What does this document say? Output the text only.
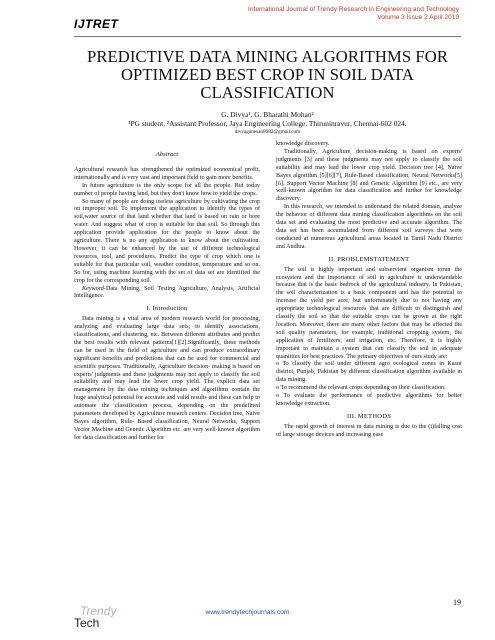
International Journal of Trendy Research in Engineering and Technology
Volume 3 Issue 2 April 2019
IJTRET
PREDICTIVE DATA MINING ALGORITHMS FOR
OPTIMIZED BEST CROP IN SOIL DATA
CLASSIFICATION
G. Divya¹, G. Bharathi Mohan²
¹PG student, ²Assistant Professor, Jaya Engineering College, Thiruninravur, Chennai-602 024.
divyaganesan8682@gmail.com
Abstract

Agricultural research has strengthened the optimized economical profit, internationally and is very vast and important field to gain more benefits.

In future agriculture is the only scope for all the people. But today number of people having land, but they don't know how to yield the crops.

So many of people are doing useless agriculture by cultivating the crop on improper soil. To implement the application to identify the types of soil,water source of that land whether that land is based on rain or bore water. And suggest what of crop is suitable for that soil. So through this application provide application for the people to know about the agriculture. There is no any application to know about the cultivation. However, it can be enhanced by the use of different technological resources, tool, and procedures. Predict the type of crop which one is suitable for that particular soil, weather condition, temperature and so on. So for, using machine learning with the set of data set are identified the crop for the corresponding soil.

Keyword-Data Mining, Soil Testing Agriculture, Analysis, Artificial Intelligence.

I. Introduction

Data mining is a vital area of modern research world for processing, analyzing and evaluating large data sets; to identify associations, classifications, and clustering, etc. Between different attributes and predict the best results with relevant patterns[1][2].Significantly, these methods can be used in the field of agriculture and can produce extraordinary significant benefits and predictions that can be used for commercial and scientific purposes. Traditionally, Agriculture decision- making is based on experts' judgments and these judgments may not apply to classify the soil suitability and may lead the lower crop yield. The explicit data set management by the data mining techniques and algorithms contain the huge analytical potential for accurate and valid results and these can help to automate the classification process, depending on the predefined parameters developed by Agriculture research centers. Decision tree, Naive Bayes algorithm, Rule- Based classification, Neural Networks, Support Vector Machine and Genetic Algorithm etc. are very well-known algorithm for data classification and further for

knowledge discovery.

Traditionally, Agriculture decision-making is based on experts' judgments [3] and these judgments may not apply to classify the soil suitability and may lead the lower crop yield. Decision tree [4], Naïve Bayes algorithm [5][6][7], Rule-Based classification, Neural Networks[5][6], Support Vector Machine [8] and Genetic Algorithm [9] etc., are very well-known algorithm for data classification and further for knowledge discovery.

In this research, we intended to understand the related domain, analyze the behavior of different data mining classification algorithms on the soil data set and evaluating the most predictive and accurate algorithm. The data set has been accumulated from different soil surveys that were conducted at numerous agricultural areas located in Tamil Nadu District and Andhra.

II. PROBLEMSTATEMENT

The soil is highly important and subservient organism torun the ecosystem and the importance of soil in agriculture is understandable because that is the basic bedrock of the agricultural industry. In Pakistan, the soil characterization is a basic component and has the potential to increase the yield per acre, but unfortunately due to not having any appropriate technological resources that are difficult to distinguish and classify the soil so that the suitable crops can be grown at the right location. Moreover, there are many other factors that may be affected the soil quality parameters, for example, traditional cropping system, the application of fertilizers, and irrigation, etc. Therefore, it is highly important to maintain a system that can classify the soil in adequate quantities for best practices. The primary objectives of ours study are:

o To classify the soil under different agro ecological zones in Kasur district, Punjab, Pakistan by different classification algorithm available in data mining.

o To recommend the relevant crops depending on their classification.

o To evaluate the performance of predictive algorithms for better knowledge extraction.

III. METHODS

The rapid growth of interest in data mining is due to the (i)falling cost of large storage devices and increasing ease

19
Trendy
Tech
www.trendytechjournals.com
